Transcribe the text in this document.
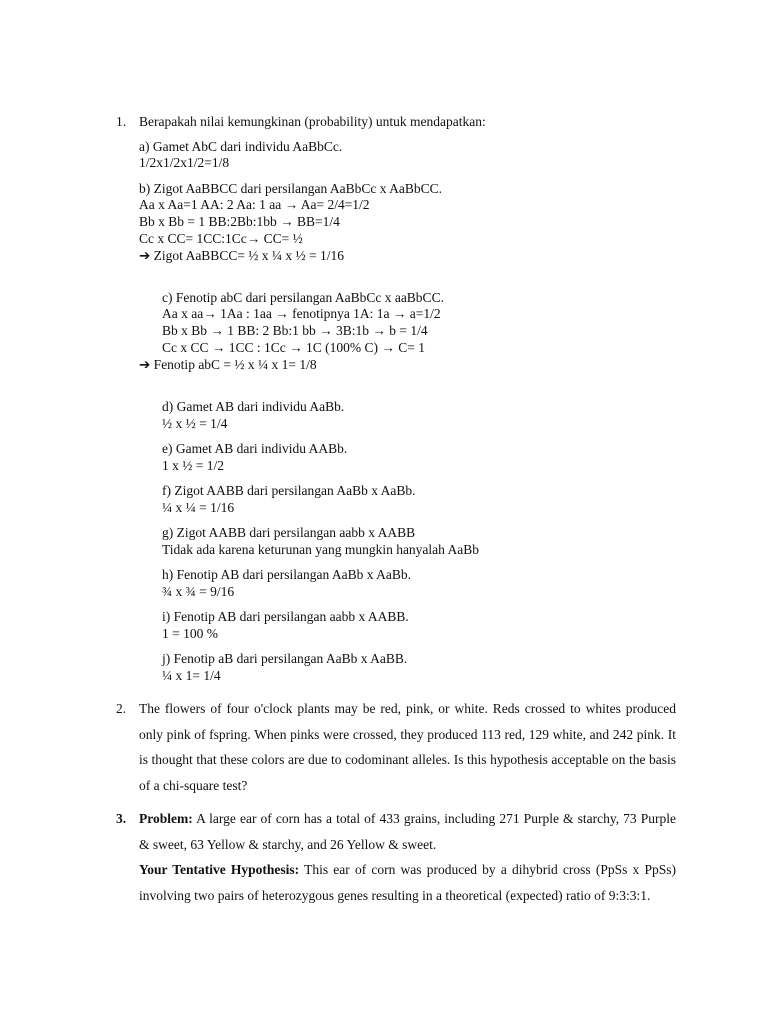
1. Berapakah nilai kemungkinan (probability) untuk mendapatkan:
a) Gamet AbC dari individu AaBbCc.
1/2x1/2x1/2=1/8
b) Zigot AaBBCC dari persilangan AaBbCc x AaBbCC.
Aa x Aa=1 AA: 2 Aa: 1 aa → Aa= 2/4=1/2
Bb x Bb = 1 BB:2Bb:1bb → BB=1/4
Cc x CC= 1CC:1Cc→ CC= ½
➔ Zigot AaBBCC= ½ x ¼ x ½ = 1/16
c) Fenotip abC dari persilangan AaBbCc x aaBbCC.
Aa x aa→ 1Aa : 1aa → fenotipnya 1A: 1a → a=1/2
Bb x Bb → 1 BB: 2 Bb:1 bb → 3B:1b → b = 1/4
Cc x CC → 1CC : 1Cc → 1C (100% C) → C= 1
➔ Fenotip abC = ½ x ¼ x 1= 1/8
d) Gamet AB dari individu AaBb.
½ x ½ = 1/4
e) Gamet AB dari individu AABb.
1 x ½ = 1/2
f) Zigot AABB dari persilangan AaBb x AaBb.
¼ x ¼ = 1/16
g) Zigot AABB dari persilangan aabb x AABB
Tidak ada karena keturunan yang mungkin hanyalah AaBb
h) Fenotip AB dari persilangan AaBb x AaBb.
¾ x ¾ = 9/16
i) Fenotip AB dari persilangan aabb x AABB.
1 = 100 %
j) Fenotip aB dari persilangan AaBb x AaBB.
¼ x 1= 1/4
2. The flowers of four o'clock plants may be red, pink, or white. Reds crossed to whites produced only pink of fspring. When pinks were crossed, they produced 113 red, 129 white, and 242 pink. It is thought that these colors are due to codominant alleles. Is this hypothesis acceptable on the basis of a chi-square test?
3. Problem: A large ear of corn has a total of 433 grains, including 271 Purple & starchy, 73 Purple & sweet, 63 Yellow & starchy, and 26 Yellow & sweet.
Your Tentative Hypothesis: This ear of corn was produced by a dihybrid cross (PpSs x PpSs) involving two pairs of heterozygous genes resulting in a theoretical (expected) ratio of 9:3:3:1.
